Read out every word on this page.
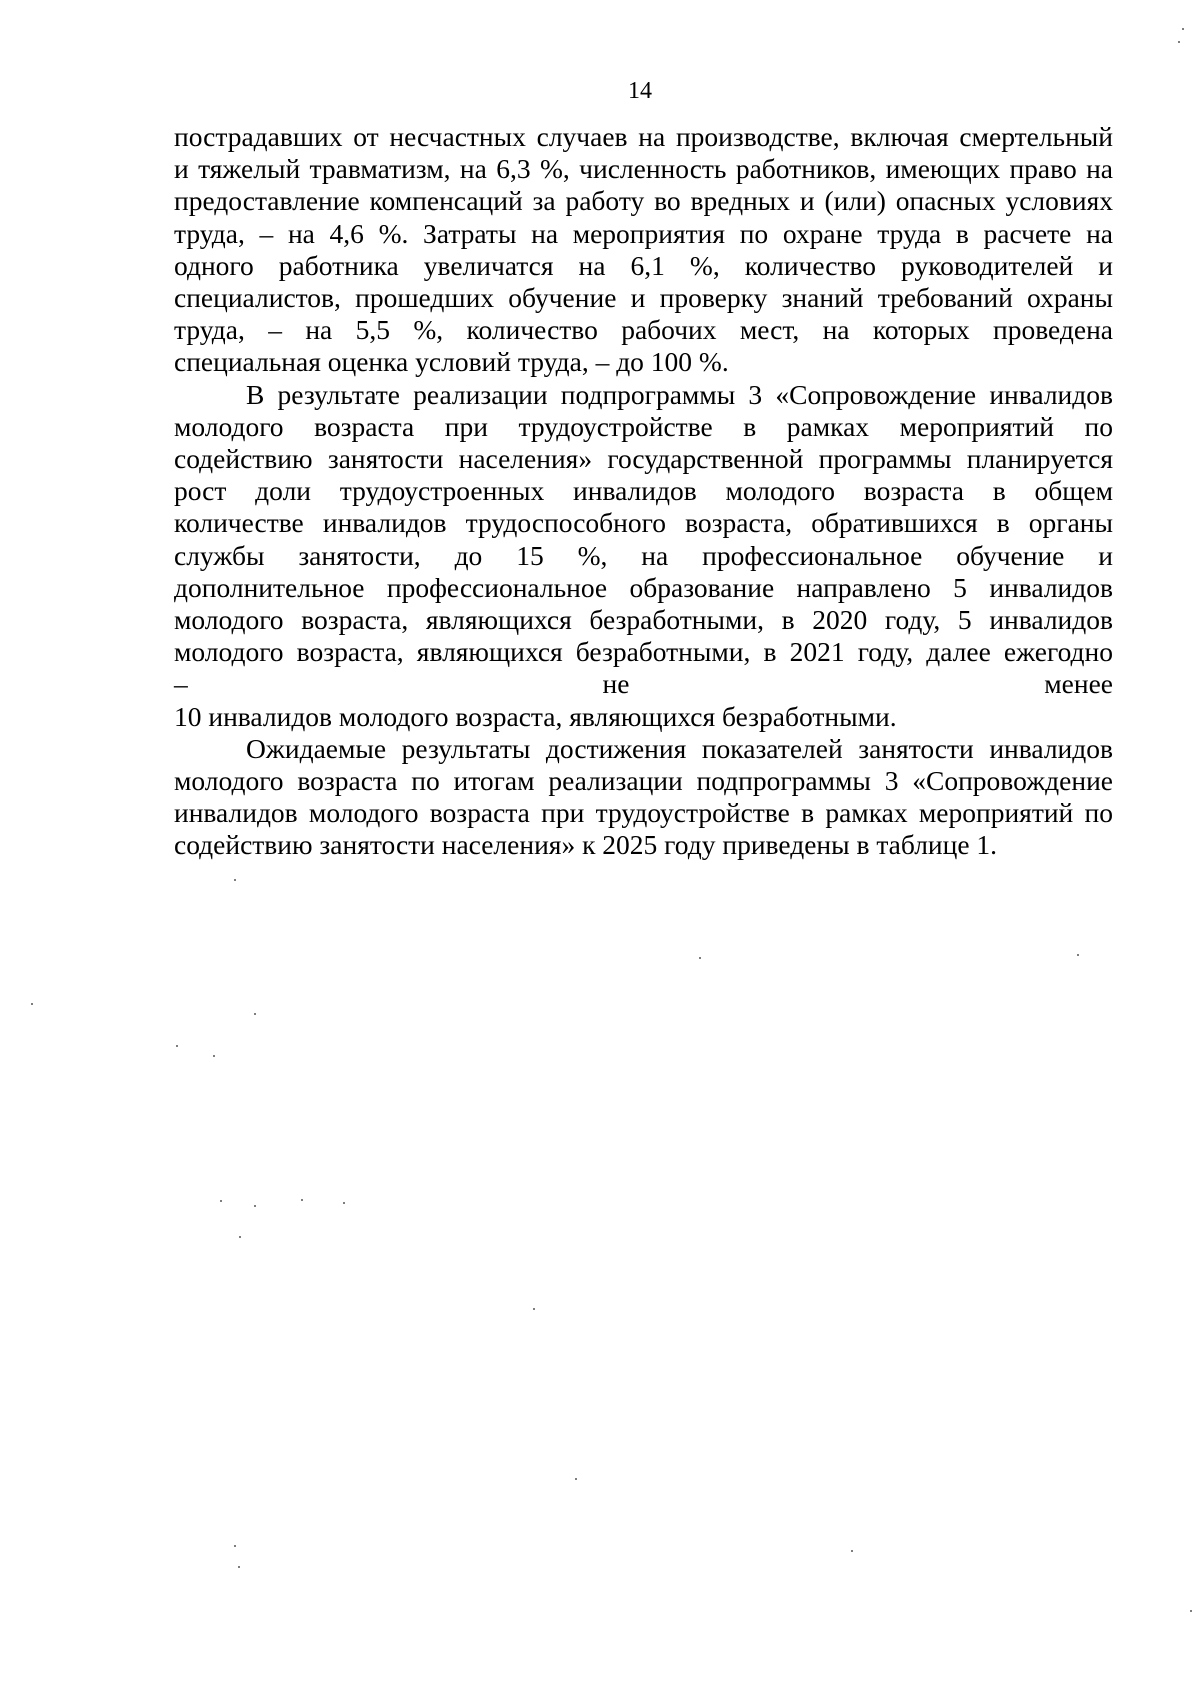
14

пострадавших от несчастных случаев на производстве, включая смертельный
и тяжелый травматизм, на 6,3 %, численность работников, имеющих право на
предоставление компенсаций за работу во вредных и (или) опасных условиях
труда, – на 4,6 %. Затраты на мероприятия по охране труда в расчете на
одного работника увеличатся на 6,1 %, количество руководителей и
специалистов, прошедших обучение и проверку знаний требований охраны
труда, – на 5,5 %, количество рабочих мест, на которых проведена
специальная оценка условий труда, – до 100 %.

В результате реализации подпрограммы 3 «Сопровождение инвалидов
молодого возраста при трудоустройстве в рамках мероприятий по
содействию занятости населения» государственной программы планируется
рост доли трудоустроенных инвалидов молодого возраста в общем
количестве инвалидов трудоспособного возраста, обратившихся в органы
службы занятости, до 15 %, на профессиональное обучение и
дополнительное профессиональное образование направлено 5 инвалидов
молодого возраста, являющихся безработными, в 2020 году, 5 инвалидов
молодого возраста, являющихся безработными, в 2021 году, далее ежегодно
– не менее
10 инвалидов молодого возраста, являющихся безработными.

Ожидаемые результаты достижения показателей занятости инвалидов
молодого возраста по итогам реализации подпрограммы 3 «Сопровождение
инвалидов молодого возраста при трудоустройстве в рамках мероприятий по
содействию занятости населения» к 2025 году приведены в таблице 1.
